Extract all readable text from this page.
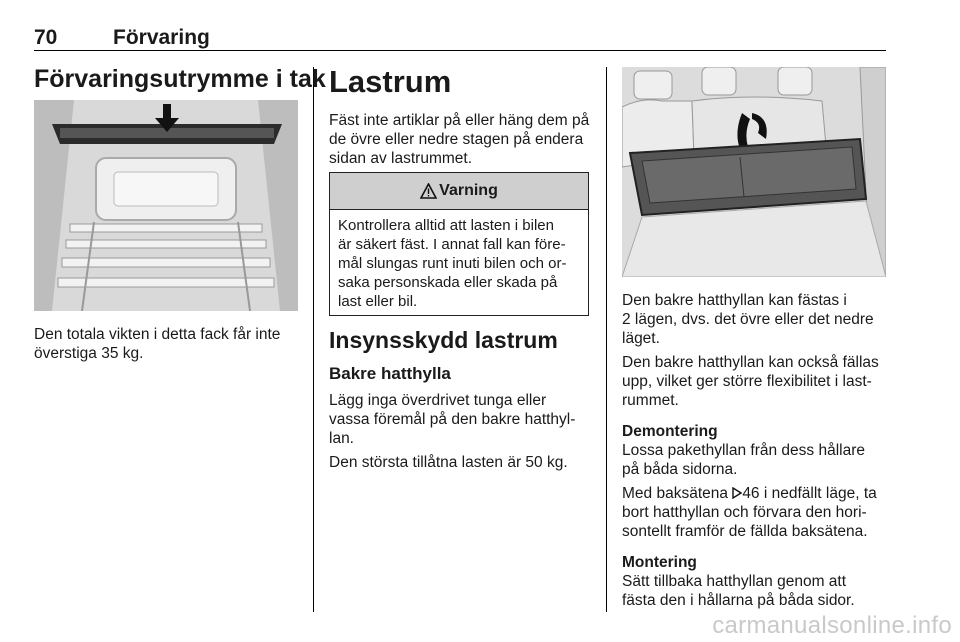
70	Förvaring
Förvaringsutrymme i tak
Den totala vikten i detta fack får inte
överstiga 35 kg.
Lastrum
Fäst inte artiklar på eller häng dem på
de övre eller nedre stagen på endera
sidan av lastrummet.
Varning
Kontrollera alltid att lasten i bilen
är säkert fäst. I annat fall kan före-
mål slungas runt inuti bilen och or-
saka personskada eller skada på
last eller bil.
Insynsskydd lastrum
Bakre hatthylla
Lägg inga överdrivet tunga eller
vassa föremål på den bakre hatthyl-
lan.
Den största tillåtna lasten är 50 kg.
Den bakre hatthyllan kan fästas i
2 lägen, dvs. det övre eller det nedre
läget.
Den bakre hatthyllan kan också fällas
upp, vilket ger större flexibilitet i last-
rummet.
Demontering
Lossa pakethyllan från dess hållare
på båda sidorna.
Med baksätena 46 i nedfällt läge, ta
bort hatthyllan och förvara den hori-
sontellt framför de fällda baksätena.
Montering
Sätt tillbaka hatthyllan genom att
fästa den i hållarna på båda sidor.
carmanualsonline.info
